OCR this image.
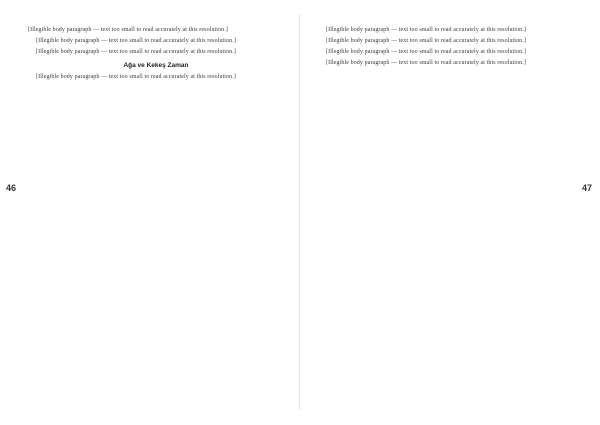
46	47

[Illegible body paragraph — text too small to read accurately at this resolution.]

[Illegible body paragraph — text too small to read accurately at this resolution.]

[Illegible body paragraph — text too small to read accurately at this resolution.]

Ağa ve Kekeş Zaman

[Illegible body paragraph — text too small to read accurately at this resolution.]

[Illegible body paragraph — text too small to read accurately at this resolution.]

[Illegible body paragraph — text too small to read accurately at this resolution.]

[Illegible body paragraph — text too small to read accurately at this resolution.]

[Illegible body paragraph — text too small to read accurately at this resolution.]
